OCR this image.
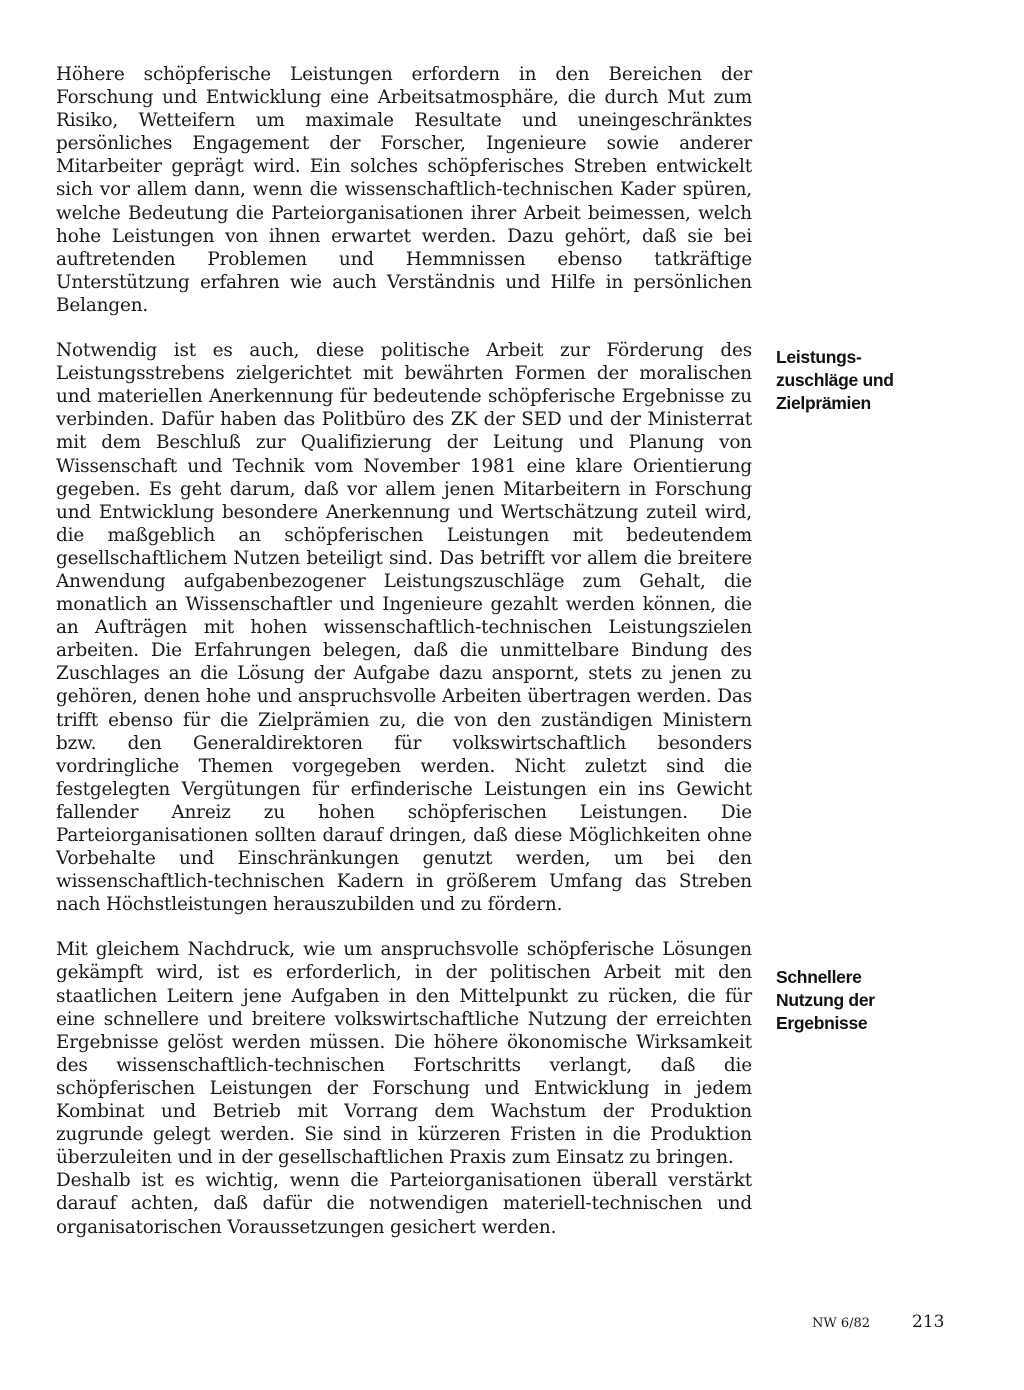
Höhere schöpferische Leistungen erfordern in den Bereichen der Forschung und Entwicklung eine Arbeitsatmosphäre, die durch Mut zum Risiko, Wetteifern um maximale Resultate und uneingeschränktes persönliches Engagement der Forscher, Ingenieure sowie anderer Mitarbeiter geprägt wird. Ein solches schöpferisches Streben entwickelt sich vor allem dann, wenn die wissenschaftlich-technischen Kader spüren, welche Bedeutung die Parteiorganisationen ihrer Arbeit beimessen, welch hohe Leistungen von ihnen erwartet werden. Dazu gehört, daß sie bei auftretenden Problemen und Hemmnissen ebenso tatkräftige Unterstützung erfahren wie auch Verständnis und Hilfe in persönlichen Belangen.

Notwendig ist es auch, diese politische Arbeit zur Förderung des Leistungsstrebens zielgerichtet mit bewährten Formen der moralischen und materiellen Anerkennung für bedeutende schöpferische Ergebnisse zu verbinden. Dafür haben das Politbüro des ZK der SED und der Ministerrat mit dem Beschluß zur Qualifizierung der Leitung und Planung von Wissenschaft und Technik vom November 1981 eine klare Orientierung gegeben. Es geht darum, daß vor allem jenen Mitarbeitern in Forschung und Entwicklung besondere Anerkennung und Wertschätzung zuteil wird, die maßgeblich an schöpferischen Leistungen mit bedeutendem gesellschaftlichem Nutzen beteiligt sind. Das betrifft vor allem die breitere Anwendung aufgabenbezogener Leistungszuschläge zum Gehalt, die monatlich an Wissenschaftler und Ingenieure gezahlt werden können, die an Aufträgen mit hohen wissenschaftlich-technischen Leistungszielen arbeiten. Die Erfahrungen belegen, daß die unmittelbare Bindung des Zuschlages an die Lösung der Aufgabe dazu anspornt, stets zu jenen zu gehören, denen hohe und anspruchsvolle Arbeiten übertragen werden. Das trifft ebenso für die Zielprämien zu, die von den zuständigen Ministern bzw. den Generaldirektoren für volkswirtschaftlich besonders vordringliche Themen vorgegeben werden. Nicht zuletzt sind die festgelegten Vergütungen für erfinderische Leistungen ein ins Gewicht fallender Anreiz zu hohen schöpferischen Leistungen. Die Parteiorganisationen sollten darauf dringen, daß diese Möglichkeiten ohne Vorbehalte und Einschränkungen genutzt werden, um bei den wissenschaftlich-technischen Kadern in größerem Umfang das Streben nach Höchstleistungen herauszubilden und zu fördern.

Mit gleichem Nachdruck, wie um anspruchsvolle schöpferische Lösungen gekämpft wird, ist es erforderlich, in der politischen Arbeit mit den staatlichen Leitern jene Aufgaben in den Mittelpunkt zu rücken, die für eine schnellere und breitere volkswirtschaftliche Nutzung der erreichten Ergebnisse gelöst werden müssen. Die höhere ökonomische Wirksamkeit des wissenschaftlich-technischen Fortschritts verlangt, daß die schöpferischen Leistungen der Forschung und Entwicklung in jedem Kombinat und Betrieb mit Vorrang dem Wachstum der Produktion zugrunde gelegt werden. Sie sind in kürzeren Fristen in die Produktion überzuleiten und in der gesellschaftlichen Praxis zum Einsatz zu bringen.

Deshalb ist es wichtig, wenn die Parteiorganisationen überall verstärkt darauf achten, daß dafür die notwendigen materiell-technischen und organisatorischen Voraussetzungen gesichert werden.

Leistungs-
zuschläge und
Zielprämien
Schnellere
Nutzung der
Ergebnisse
NW 6/82 213
